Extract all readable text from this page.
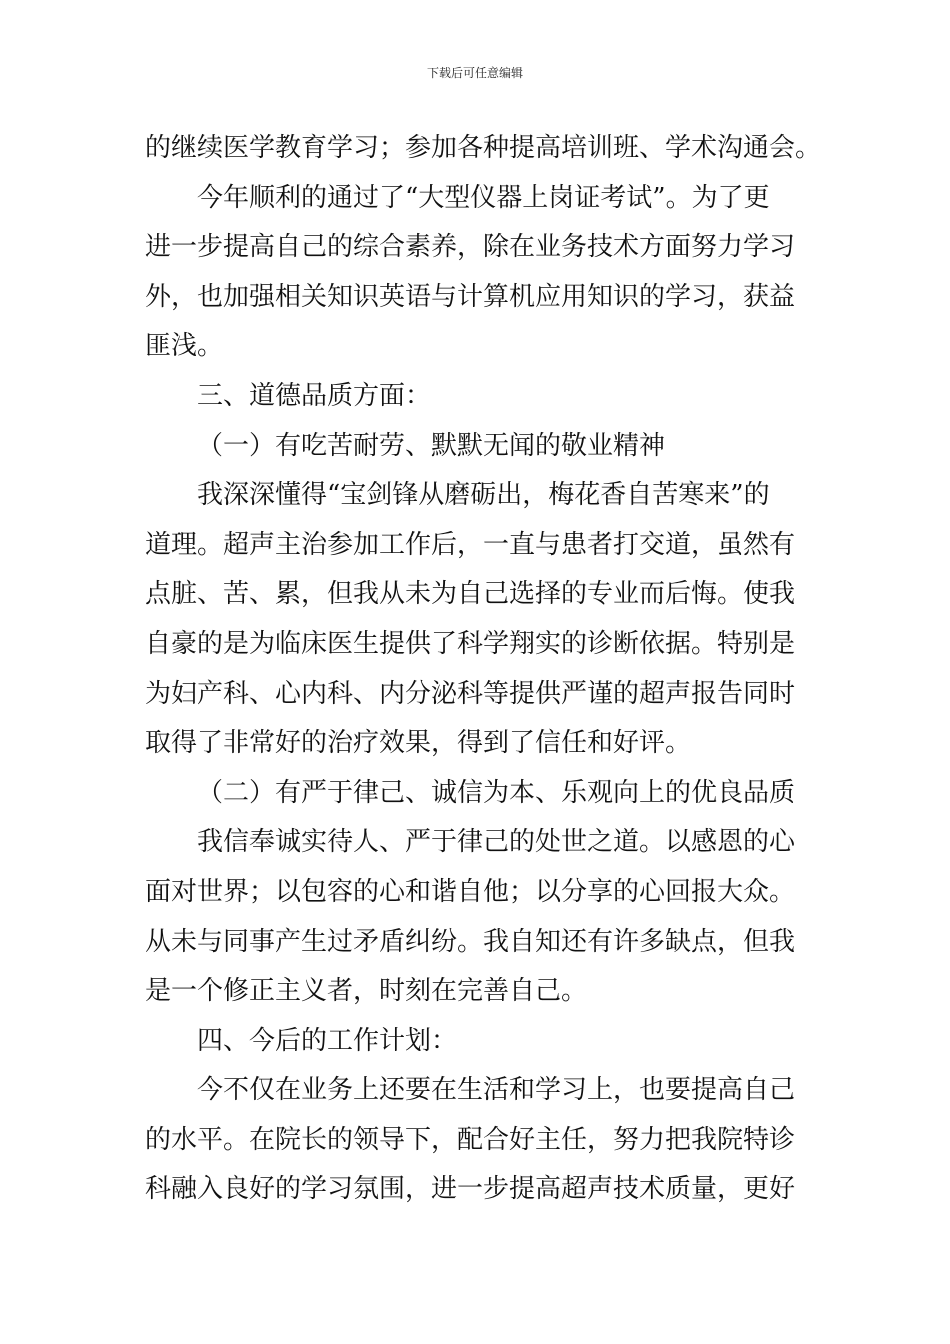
下载后可任意编辑
的继续医学教育学习；参加各种提高培训班、学术沟通会。
今年顺利的通过了“大型仪器上岗证考试”。为了更
进一步提高自己的综合素养，除在业务技术方面努力学习
外，也加强相关知识英语与计算机应用知识的学习，获益
匪浅。
三、道德品质方面：
（一）有吃苦耐劳、默默无闻的敬业精神
我深深懂得“宝剑锋从磨砺出，梅花香自苦寒来”的
道理。超声主治参加工作后，一直与患者打交道，虽然有
点脏、苦、累，但我从未为自己选择的专业而后悔。使我
自豪的是为临床医生提供了科学翔实的诊断依据。特别是
为妇产科、心内科、内分泌科等提供严谨的超声报告同时
取得了非常好的治疗效果，得到了信任和好评。
（二）有严于律己、诚信为本、乐观向上的优良品质
我信奉诚实待人、严于律己的处世之道。以感恩的心
面对世界；以包容的心和谐自他；以分享的心回报大众。
从未与同事产生过矛盾纠纷。我自知还有许多缺点，但我
是一个修正主义者，时刻在完善自己。
四、今后的工作计划：
今不仅在业务上还要在生活和学习上，也要提高自己
的水平。在院长的领导下，配合好主任，努力把我院特诊
科融入良好的学习氛围，进一步提高超声技术质量，更好
